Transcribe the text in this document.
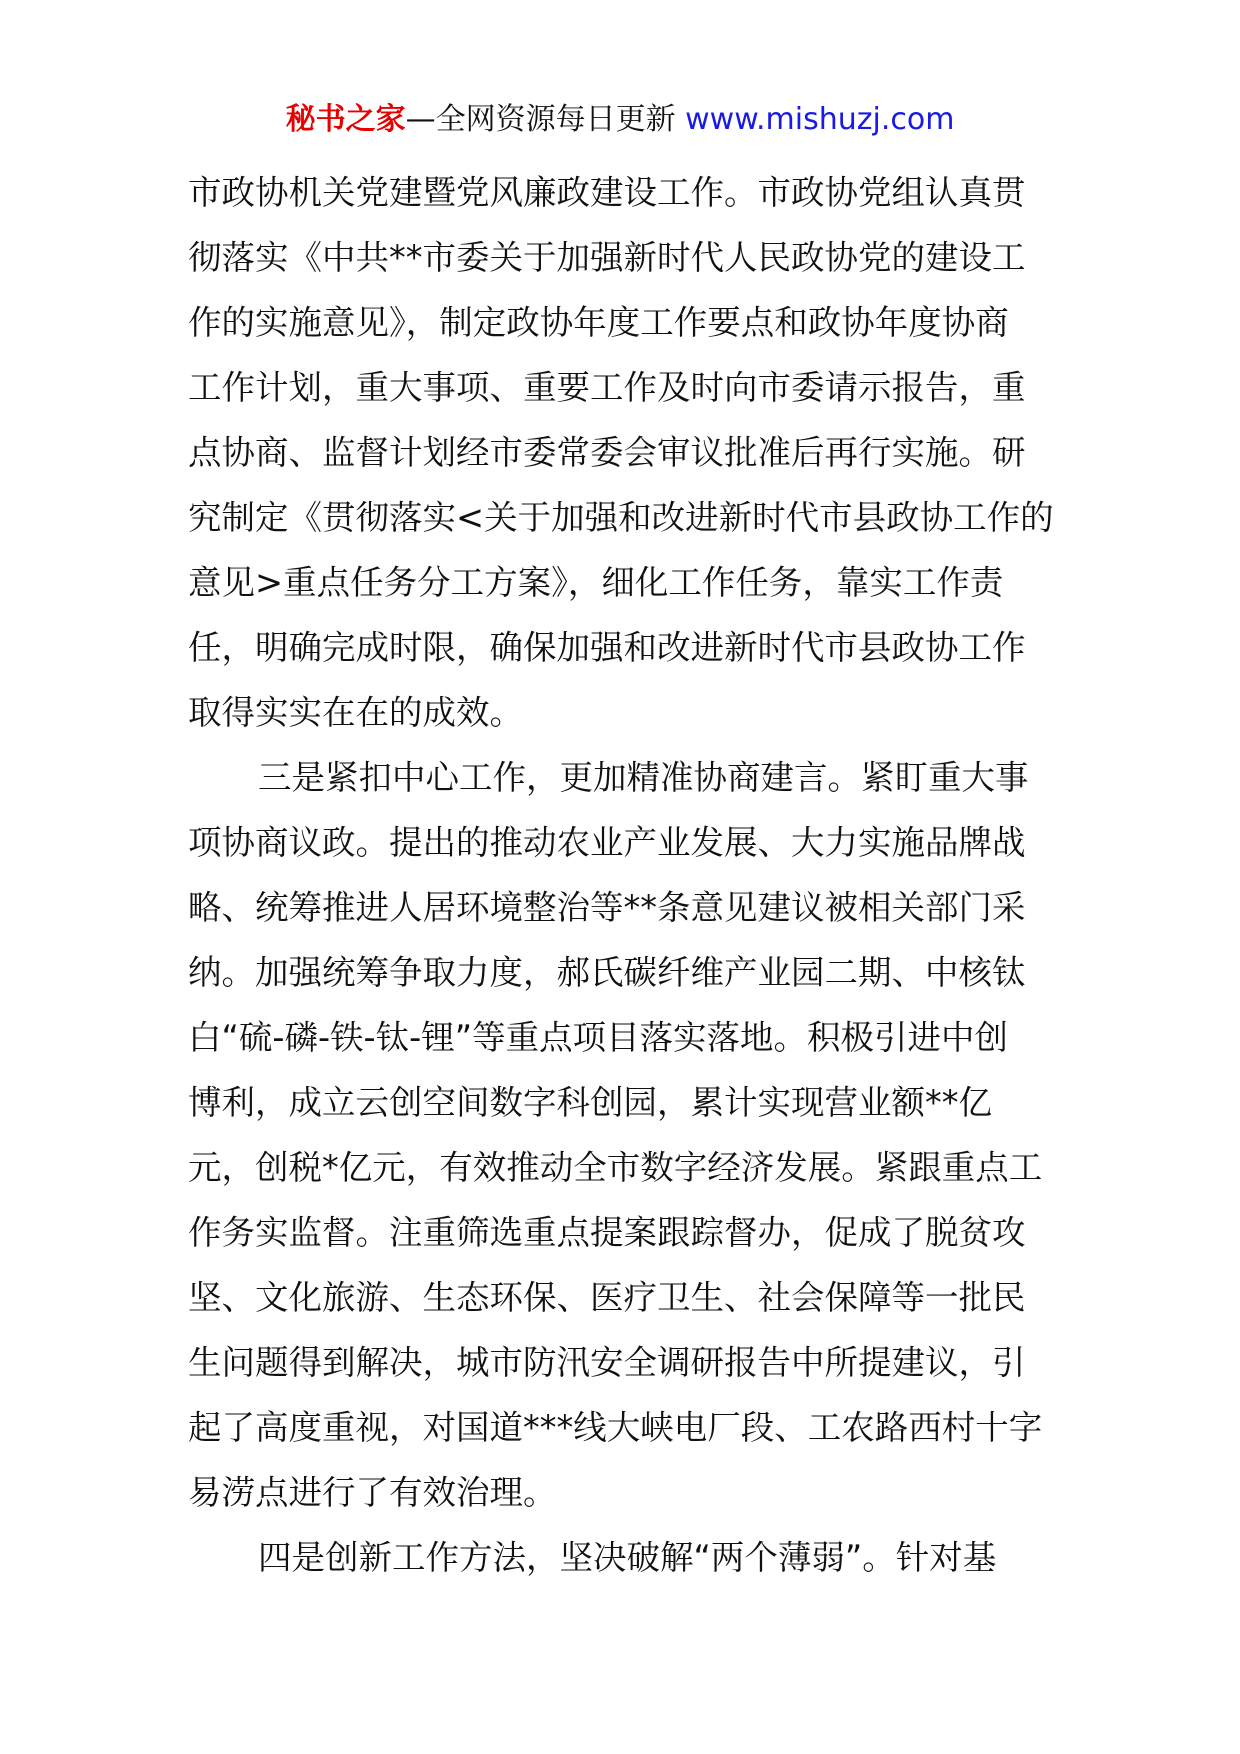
秘书之家—全网资源每日更新 www.mishuzj.com
市政协机关党建暨党风廉政建设工作。市政协党组认真贯
彻落实《中共**市委关于加强新时代人民政协党的建设工
作的实施意见》，制定政协年度工作要点和政协年度协商
工作计划，重大事项、重要工作及时向市委请示报告，重
点协商、监督计划经市委常委会审议批准后再行实施。研
究制定《贯彻落实<关于加强和改进新时代市县政协工作的
意见>重点任务分工方案》，细化工作任务，靠实工作责
任，明确完成时限，确保加强和改进新时代市县政协工作
取得实实在在的成效。
三是紧扣中心工作，更加精准协商建言。紧盯重大事
项协商议政。提出的推动农业产业发展、大力实施品牌战
略、统筹推进人居环境整治等**条意见建议被相关部门采
纳。加强统筹争取力度，郝氏碳纤维产业园二期、中核钛
白“硫-磷-铁-钛-锂”等重点项目落实落地。积极引进中创
博利，成立云创空间数字科创园，累计实现营业额**亿
元，创税*亿元，有效推动全市数字经济发展。紧跟重点工
作务实监督。注重筛选重点提案跟踪督办，促成了脱贫攻
坚、文化旅游、生态环保、医疗卫生、社会保障等一批民
生问题得到解决，城市防汛安全调研报告中所提建议，引
起了高度重视，对国道***线大峡电厂段、工农路西村十字
易涝点进行了有效治理。
四是创新工作方法，坚决破解“两个薄弱”。针对基
